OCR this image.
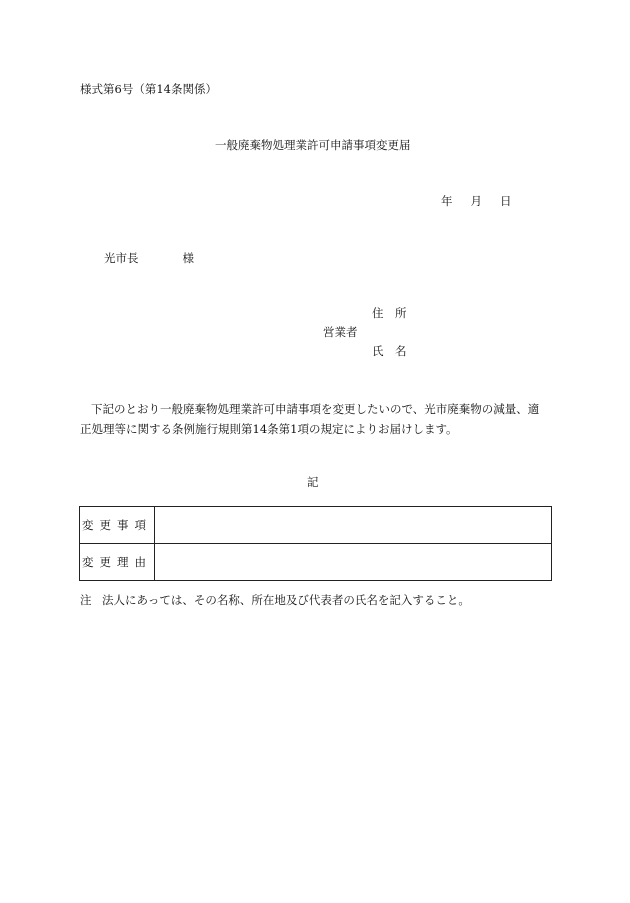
様式第6号（第14条関係）
一般廃棄物処理業許可申請事項変更届
年 月 日
光市長	様
住　所
営業者
氏　名
下記のとおり一般廃棄物処理業許可申請事項を変更したいので、光市廃棄物の減量、適正処理等に関する条例施行規則第14条第1項の規定によりお届けします。
記
変更事項	
変更理由	
注 法人にあっては、その名称、所在地及び代表者の氏名を記入すること。
